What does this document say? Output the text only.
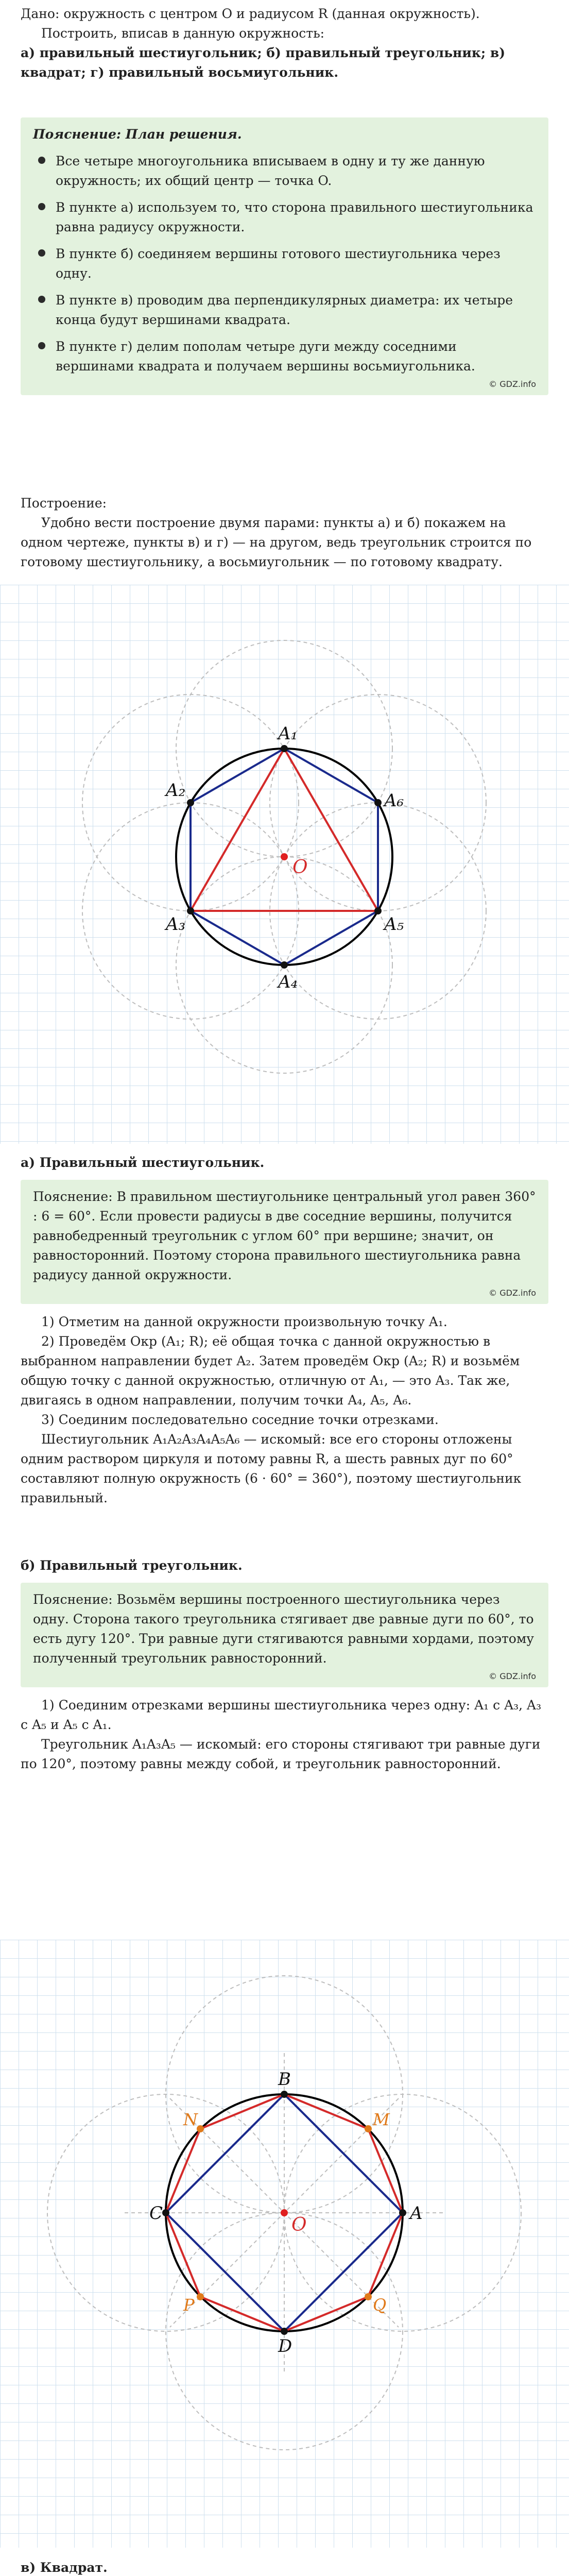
Дано: окружность с центром O и радиусом R (данная окружность).

Построить, вписав в данную окружность:

а) правильный шестиугольник; б) правильный треугольник; в) квадрат; г) правильный восьмиугольник.

Пояснение: План решения.

Все четыре многоугольника вписываем в одну и ту же данную окружность; их общий центр — точка O.

В пункте а) используем то, что сторона правильного шестиугольника равна радиусу окружности.

В пункте б) соединяем вершины готового шестиугольника через одну.

В пункте в) проводим два перпендикулярных диаметра: их четыре конца будут вершинами квадрата.

В пункте г) делим пополам четыре дуги между соседними вершинами квадрата и получаем вершины восьмиугольника.

© GDZ.info

Построение:

Удобно вести построение двумя парами: пункты а) и б) покажем на одном чертеже, пункты в) и г) — на другом, ведь треугольник строится по готовому шестиугольнику, а восьмиугольник — по готовому квадрату.

A₁
A₂
A₃
A₄
A₅
A₆
O

а) Правильный шестиугольник.

Пояснение: В правильном шестиугольнике центральный угол равен 360° : 6 = 60°. Если провести радиусы в две соседние вершины, получится равнобедренный треугольник с углом 60° при вершине; значит, он равносторонний. Поэтому сторона правильного шестиугольника равна радиусу данной окружности.

© GDZ.info

1) Отметим на данной окружности произвольную точку A₁.

2) Проведём Окр (A₁; R); её общая точка с данной окружностью в выбранном направлении будет A₂. Затем проведём Окр (A₂; R) и возьмём общую точку с данной окружностью, отличную от A₁, — это A₃. Так же, двигаясь в одном направлении, получим точки A₄, A₅, A₆.

3) Соединим последовательно соседние точки отрезками.

Шестиугольник A₁A₂A₃A₄A₅A₆ — искомый: все его стороны отложены одним раствором циркуля и потому равны R, а шесть равных дуг по 60° составляют полную окружность (6 · 60° = 360°), поэтому шестиугольник правильный.

б) Правильный треугольник.

Пояснение: Возьмём вершины построенного шестиугольника через одну. Сторона такого треугольника стягивает две равные дуги по 60°, то есть дугу 120°. Три равные дуги стягиваются равными хордами, поэтому полученный треугольник равносторонний.

© GDZ.info

1) Соединим отрезками вершины шестиугольника через одну: A₁ с A₃, A₃ с A₅ и A₅ с A₁.

Треугольник A₁A₃A₅ — искомый: его стороны стягивают три равные дуги по 120°, поэтому равны между собой, и треугольник равносторонний.

A
B
C
D
M
N
P	Q
O

в) Квадрат.
